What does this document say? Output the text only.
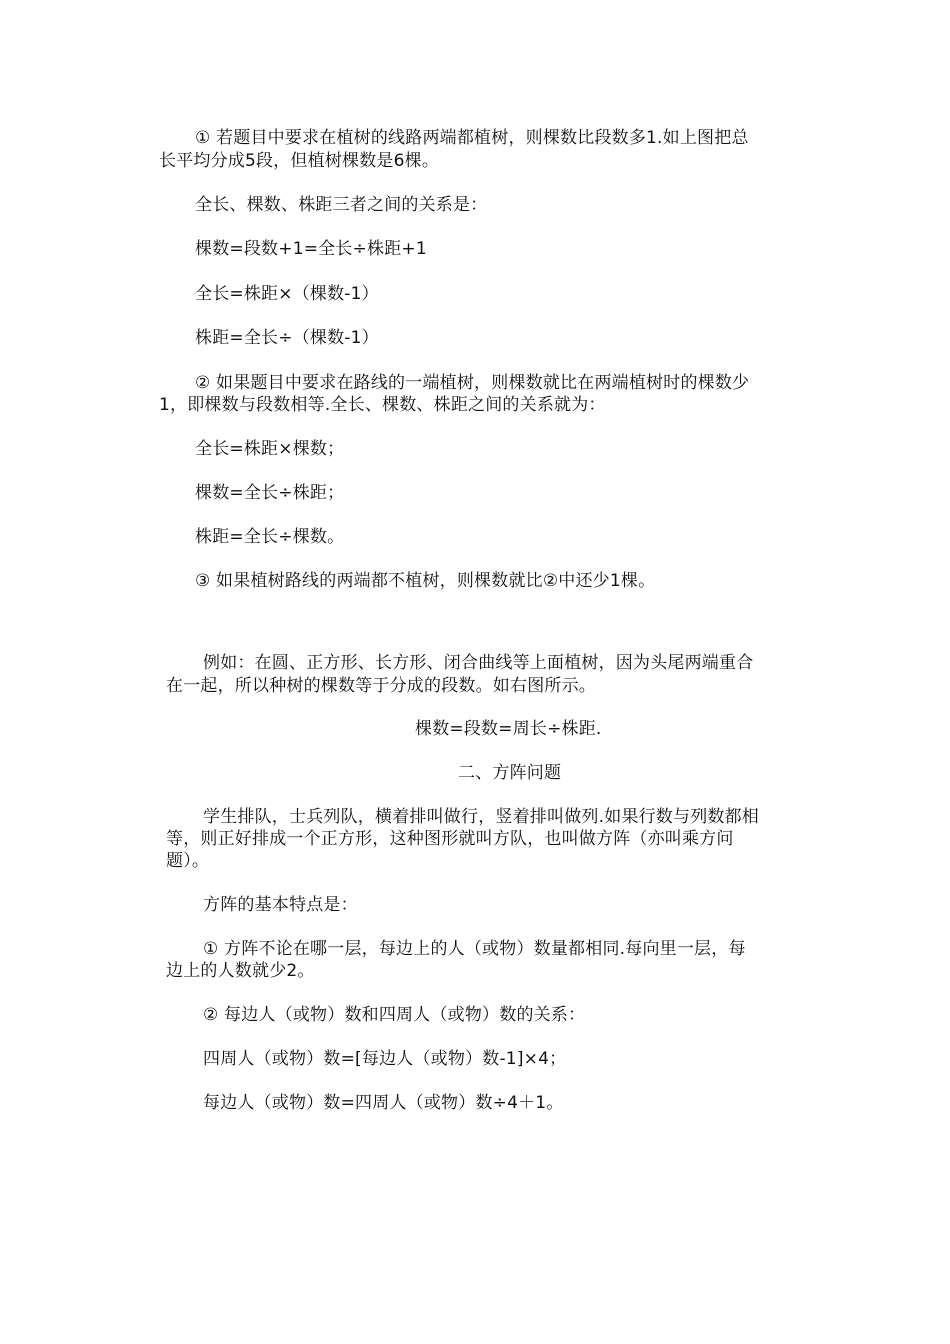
① 若题目中要求在植树的线路两端都植树，则棵数比段数多1.如上图把总
长平均分成5段，但植树棵数是6棵。
全长、棵数、株距三者之间的关系是：
棵数=段数+1=全长÷株距+1
全长=株距×（棵数-1）
株距=全长÷（棵数-1）
② 如果题目中要求在路线的一端植树，则棵数就比在两端植树时的棵数少
1，即棵数与段数相等.全长、棵数、株距之间的关系就为：
全长=株距×棵数；
棵数=全长÷株距；
株距=全长÷棵数。
③ 如果植树路线的两端都不植树，则棵数就比②中还少1棵。
例如：在圆、正方形、长方形、闭合曲线等上面植树，因为头尾两端重合
在一起，所以种树的棵数等于分成的段数。如右图所示。
棵数=段数=周长÷株距.
二、方阵问题
学生排队，士兵列队，横着排叫做行，竖着排叫做列.如果行数与列数都相
等，则正好排成一个正方形，这种图形就叫方队，也叫做方阵（亦叫乘方问
题）。
方阵的基本特点是：
① 方阵不论在哪一层，每边上的人（或物）数量都相同.每向里一层，每
边上的人数就少2。
② 每边人（或物）数和四周人（或物）数的关系：
四周人（或物）数=[每边人（或物）数-1]×4；
每边人（或物）数=四周人（或物）数÷4＋1。
